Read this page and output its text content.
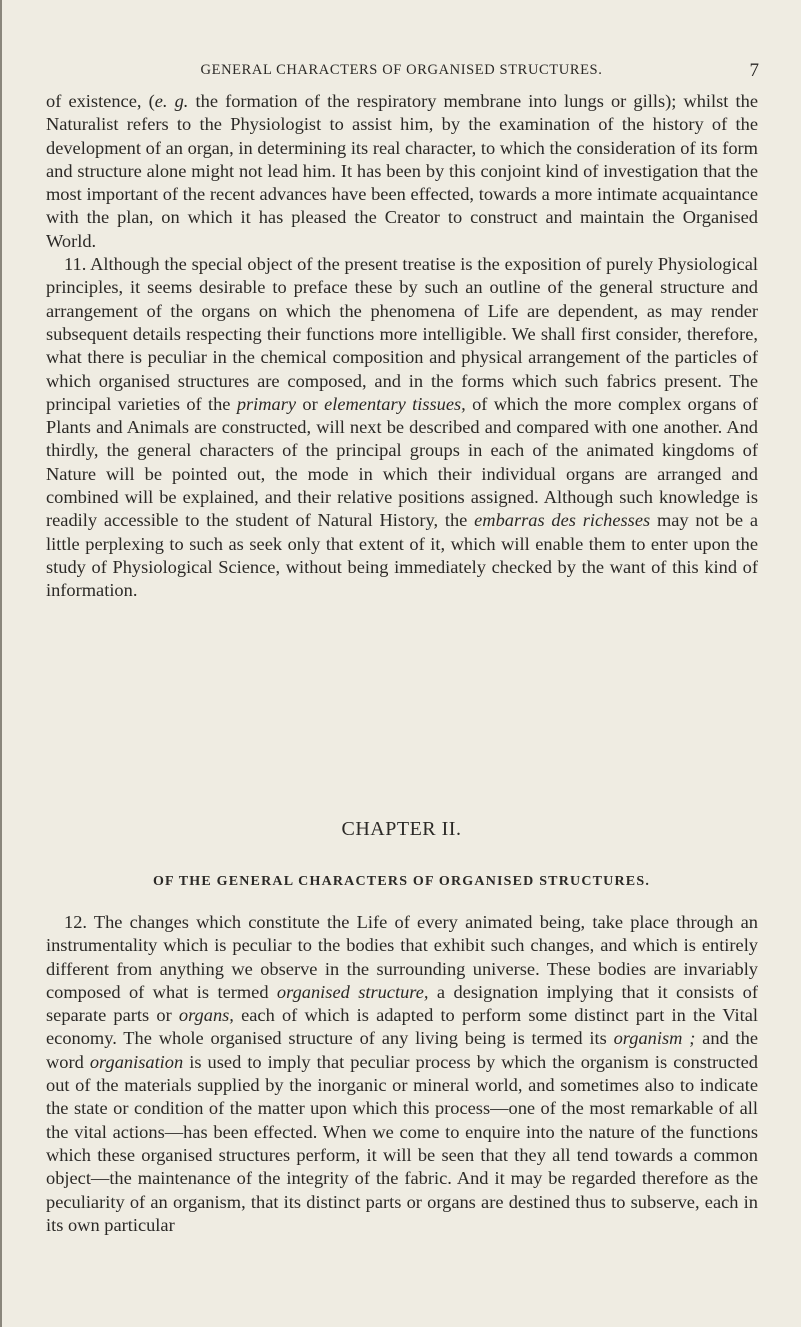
GENERAL CHARACTERS OF ORGANISED STRUCTURES.	7

of existence, (e. g. the formation of the respiratory membrane into lungs or gills); whilst the Naturalist refers to the Physiologist to assist him, by the examination of the history of the development of an organ, in determining its real character, to which the consideration of its form and structure alone might not lead him. It has been by this conjoint kind of investigation that the most important of the recent advances have been effected, towards a more intimate acquaintance with the plan, on which it has pleased the Creator to construct and maintain the Organised World.

11. Although the special object of the present treatise is the exposition of purely Physiological principles, it seems desirable to preface these by such an outline of the general structure and arrangement of the organs on which the phenomena of Life are dependent, as may render subsequent details respecting their functions more intelligible. We shall first consider, therefore, what there is peculiar in the chemical composition and physical arrangement of the particles of which organised structures are composed, and in the forms which such fabrics present. The principal varieties of the primary or elementary tissues, of which the more complex organs of Plants and Animals are constructed, will next be described and compared with one another. And thirdly, the general characters of the principal groups in each of the animated kingdoms of Nature will be pointed out, the mode in which their individual organs are arranged and combined will be explained, and their relative positions assigned. Although such knowledge is readily accessible to the student of Natural History, the embarras des richesses may not be a little perplexing to such as seek only that extent of it, which will enable them to enter upon the study of Physiological Science, without being immediately checked by the want of this kind of information.

CHAPTER II.
OF THE GENERAL CHARACTERS OF ORGANISED STRUCTURES.

12. The changes which constitute the Life of every animated being, take place through an instrumentality which is peculiar to the bodies that exhibit such changes, and which is entirely different from anything we observe in the surrounding universe. These bodies are invariably composed of what is termed organised structure, a designation implying that it consists of separate parts or organs, each of which is adapted to perform some distinct part in the Vital economy. The whole organised structure of any living being is termed its organism ; and the word organisation is used to imply that peculiar process by which the organism is constructed out of the materials supplied by the inorganic or mineral world, and sometimes also to indicate the state or condition of the matter upon which this process—one of the most remarkable of all the vital actions—has been effected. When we come to enquire into the nature of the functions which these organised structures perform, it will be seen that they all tend towards a common object—the maintenance of the integrity of the fabric. And it may be regarded therefore as the peculiarity of an organism, that its distinct parts or organs are destined thus to subserve, each in its own particular
